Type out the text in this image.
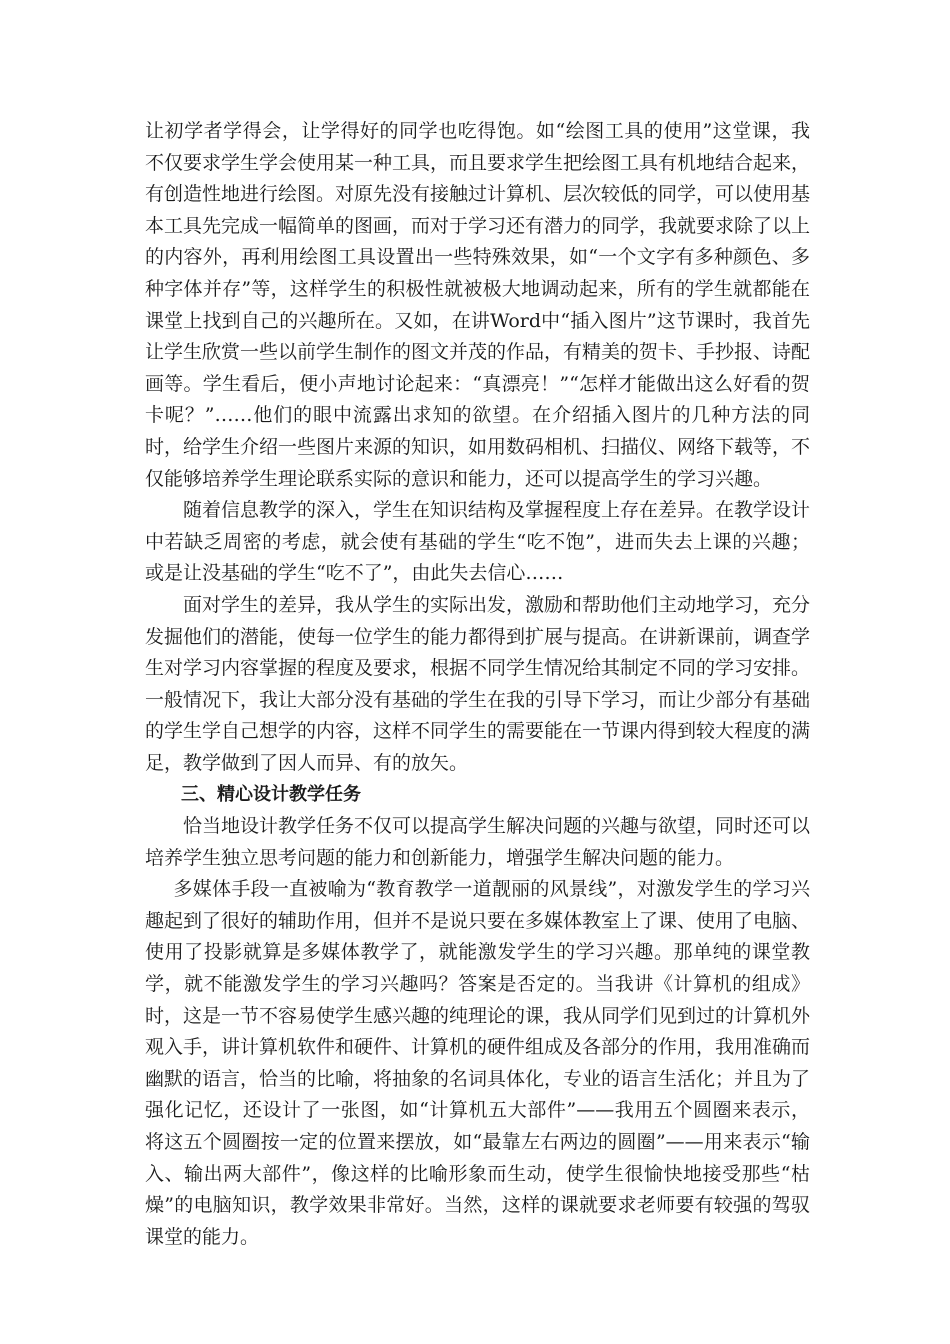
让初学者学得会，让学得好的同学也吃得饱。如“绘图工具的使用”这堂课，我不仅要求学生学会使用某一种工具，而且要求学生把绘图工具有机地结合起来，有创造性地进行绘图。对原先没有接触过计算机、层次较低的同学，可以使用基本工具先完成一幅简单的图画，而对于学习还有潜力的同学，我就要求除了以上的内容外，再利用绘图工具设置出一些特殊效果，如“一个文字有多种颜色、多种字体并存”等，这样学生的积极性就被极大地调动起来，所有的学生就都能在课堂上找到自己的兴趣所在。又如，在讲Word中“插入图片”这节课时，我首先让学生欣赏一些以前学生制作的图文并茂的作品，有精美的贺卡、手抄报、诗配画等。学生看后，便小声地讨论起来：“真漂亮！”“怎样才能做出这么好看的贺卡呢？”……他们的眼中流露出求知的欲望。在介绍插入图片的几种方法的同时，给学生介绍一些图片来源的知识，如用数码相机、扫描仪、网络下载等，不仅能够培养学生理论联系实际的意识和能力，还可以提高学生的学习兴趣。

随着信息教学的深入，学生在知识结构及掌握程度上存在差异。在教学设计中若缺乏周密的考虑，就会使有基础的学生“吃不饱”，进而失去上课的兴趣；或是让没基础的学生“吃不了”，由此失去信心……

面对学生的差异，我从学生的实际出发，激励和帮助他们主动地学习，充分发掘他们的潜能，使每一位学生的能力都得到扩展与提高。在讲新课前，调查学生对学习内容掌握的程度及要求，根据不同学生情况给其制定不同的学习安排。一般情况下，我让大部分没有基础的学生在我的引导下学习，而让少部分有基础的学生学自己想学的内容，这样不同学生的需要能在一节课内得到较大程度的满足，教学做到了因人而异、有的放矢。

三、精心设计教学任务

恰当地设计教学任务不仅可以提高学生解决问题的兴趣与欲望，同时还可以培养学生独立思考问题的能力和创新能力，增强学生解决问题的能力。

多媒体手段一直被喻为“教育教学一道靓丽的风景线”，对激发学生的学习兴趣起到了很好的辅助作用，但并不是说只要在多媒体教室上了课、使用了电脑、使用了投影就算是多媒体教学了，就能激发学生的学习兴趣。那单纯的课堂教学，就不能激发学生的学习兴趣吗？答案是否定的。当我讲《计算机的组成》时，这是一节不容易使学生感兴趣的纯理论的课，我从同学们见到过的计算机外观入手，讲计算机软件和硬件、计算机的硬件组成及各部分的作用，我用准确而幽默的语言，恰当的比喻，将抽象的名词具体化，专业的语言生活化；并且为了强化记忆，还设计了一张图，如“计算机五大部件”——我用五个圆圈来表示，将这五个圆圈按一定的位置来摆放，如“最靠左右两边的圆圈”——用来表示“输入、输出两大部件”，像这样的比喻形象而生动，使学生很愉快地接受那些“枯燥”的电脑知识，教学效果非常好。当然，这样的课就要求老师要有较强的驾驭课堂的能力。
